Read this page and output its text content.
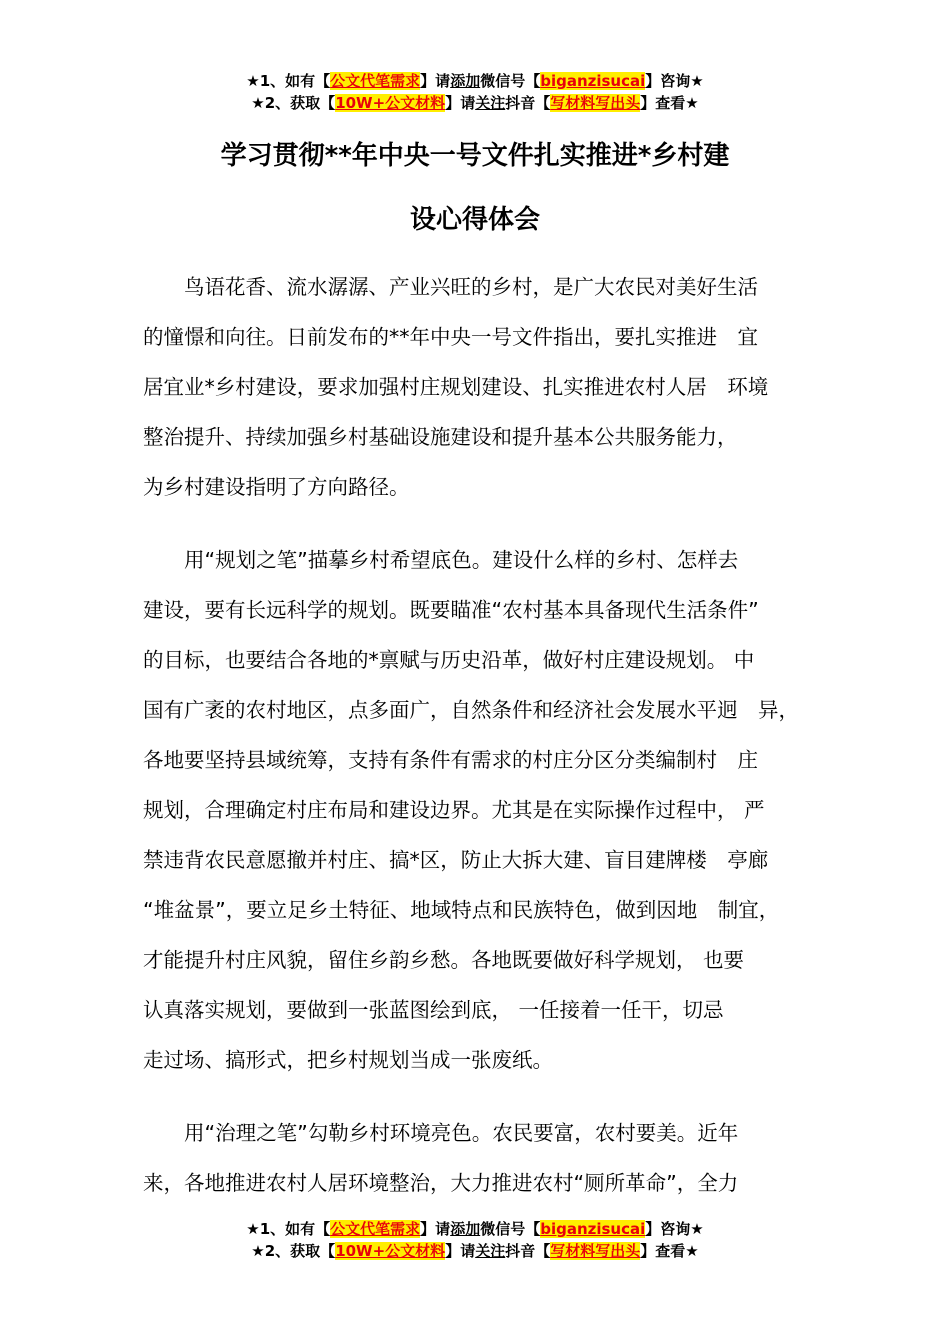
★1、如有【公文代笔需求】请添加微信号【biganzisucai】咨询★
★2、获取【10W+公文材料】请关注抖音【写材料写出头】查看★
学习贯彻**年中央一号文件扎实推进*乡村建
设心得体会
鸟语花香、流水潺潺、产业兴旺的乡村，是广大农民对美好生活
的憧憬和向往。日前发布的**年中央一号文件指出，要扎实推进　宜
居宜业*乡村建设，要求加强村庄规划建设、扎实推进农村人居　环境
整治提升、持续加强乡村基础设施建设和提升基本公共服务能力，
为乡村建设指明了方向路径。
用“规划之笔”描摹乡村希望底色。建设什么样的乡村、怎样去
建设，要有长远科学的规划。既要瞄准“农村基本具备现代生活条件”
的目标，也要结合各地的*禀赋与历史沿革，做好村庄建设规划。 中
国有广袤的农村地区，点多面广，自然条件和经济社会发展水平迥　异，
各地要坚持县域统筹，支持有条件有需求的村庄分区分类编制村　庄
规划，合理确定村庄布局和建设边界。尤其是在实际操作过程中， 严
禁违背农民意愿撤并村庄、搞*区，防止大拆大建、盲目建牌楼　亭廊
“堆盆景”，要立足乡土特征、地域特点和民族特色，做到因地　制宜，
才能提升村庄风貌，留住乡韵乡愁。各地既要做好科学规划， 也要
认真落实规划，要做到一张蓝图绘到底， 一任接着一任干，切忌
走过场、搞形式，把乡村规划当成一张废纸。
用“治理之笔”勾勒乡村环境亮色。农民要富，农村要美。近年
来，各地推进农村人居环境整治，大力推进农村“厕所革命”，全力
★1、如有【公文代笔需求】请添加微信号【biganzisucai】咨询★
★2、获取【10W+公文材料】请关注抖音【写材料写出头】查看★
